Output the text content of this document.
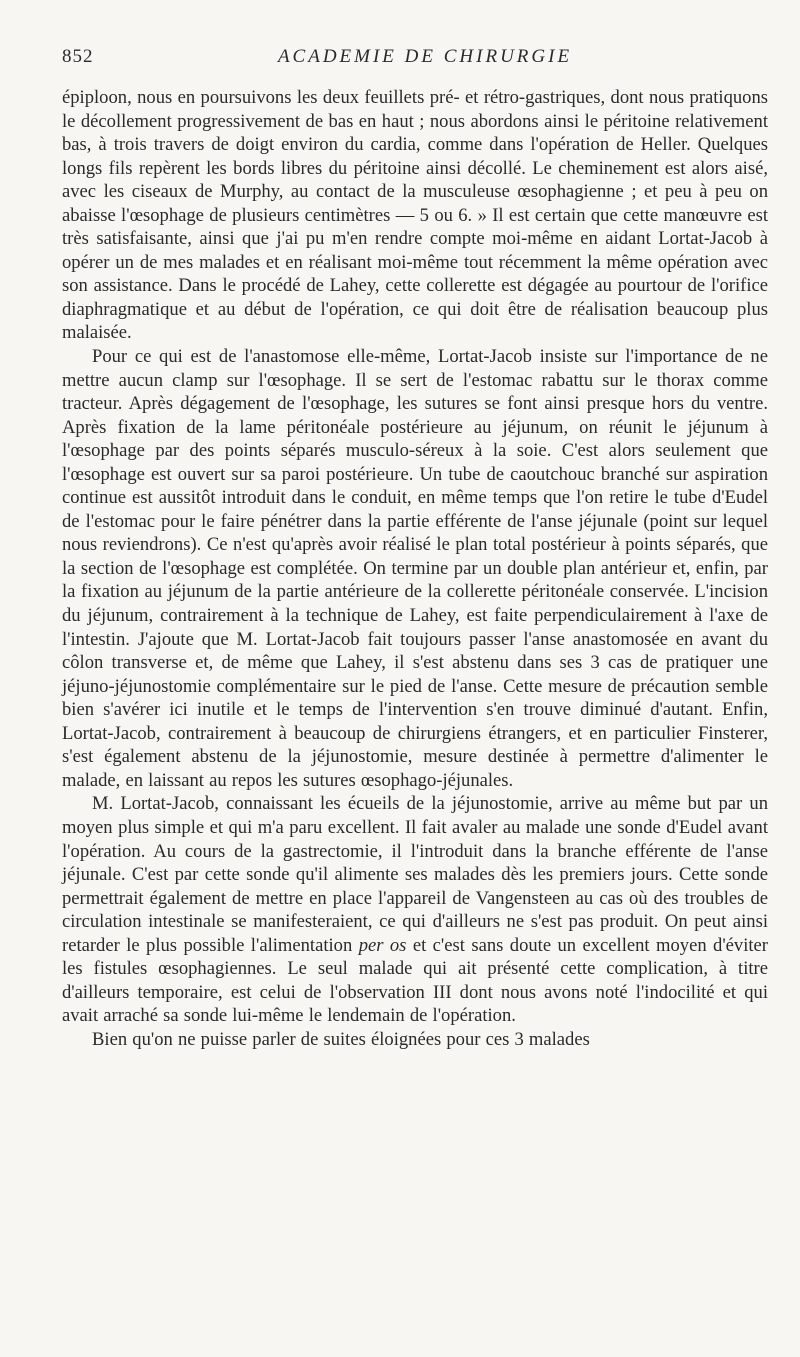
852	ACADEMIE DE CHIRURGIE

épiploon, nous en poursuivons les deux feuillets pré- et rétro-gastriques, dont nous pratiquons le décollement progressivement de bas en haut ; nous abordons ainsi le péritoine relativement bas, à trois travers de doigt environ du cardia, comme dans l'opération de Heller. Quelques longs fils repèrent les bords libres du péritoine ainsi décollé. Le cheminement est alors aisé, avec les ciseaux de Murphy, au contact de la musculeuse œsophagienne ; et peu à peu on abaisse l'œsophage de plusieurs centimètres — 5 ou 6. » Il est certain que cette manœuvre est très satisfaisante, ainsi que j'ai pu m'en rendre compte moi-même en aidant Lortat-Jacob à opérer un de mes malades et en réalisant moi-même tout récemment la même opération avec son assistance. Dans le procédé de Lahey, cette collerette est dégagée au pourtour de l'orifice diaphragmatique et au début de l'opération, ce qui doit être de réalisation beaucoup plus malaisée.

Pour ce qui est de l'anastomose elle-même, Lortat-Jacob insiste sur l'importance de ne mettre aucun clamp sur l'œsophage. Il se sert de l'estomac rabattu sur le thorax comme tracteur. Après dégagement de l'œsophage, les sutures se font ainsi presque hors du ventre. Après fixation de la lame péritonéale postérieure au jéjunum, on réunit le jéjunum à l'œsophage par des points séparés musculo-séreux à la soie. C'est alors seulement que l'œsophage est ouvert sur sa paroi postérieure. Un tube de caoutchouc branché sur aspiration continue est aussitôt introduit dans le conduit, en même temps que l'on retire le tube d'Eudel de l'estomac pour le faire pénétrer dans la partie efférente de l'anse jéjunale (point sur lequel nous reviendrons). Ce n'est qu'après avoir réalisé le plan total postérieur à points séparés, que la section de l'œsophage est complétée. On termine par un double plan antérieur et, enfin, par la fixation au jéjunum de la partie antérieure de la collerette péritonéale conservée. L'incision du jéjunum, contrairement à la technique de Lahey, est faite perpendiculairement à l'axe de l'intestin. J'ajoute que M. Lortat-Jacob fait toujours passer l'anse anastomosée en avant du côlon transverse et, de même que Lahey, il s'est abstenu dans ses 3 cas de pratiquer une jéjuno-jéjunostomie complémentaire sur le pied de l'anse. Cette mesure de précaution semble bien s'avérer ici inutile et le temps de l'intervention s'en trouve diminué d'autant. Enfin, Lortat-Jacob, contrairement à beaucoup de chirurgiens étrangers, et en particulier Finsterer, s'est également abstenu de la jéjunostomie, mesure destinée à permettre d'alimenter le malade, en laissant au repos les sutures œsophago-jéjunales.

M. Lortat-Jacob, connaissant les écueils de la jéjunostomie, arrive au même but par un moyen plus simple et qui m'a paru excellent. Il fait avaler au malade une sonde d'Eudel avant l'opération. Au cours de la gastrectomie, il l'introduit dans la branche efférente de l'anse jéjunale. C'est par cette sonde qu'il alimente ses malades dès les premiers jours. Cette sonde permettrait également de mettre en place l'appareil de Vangensteen au cas où des troubles de circulation intestinale se manifesteraient, ce qui d'ailleurs ne s'est pas produit. On peut ainsi retarder le plus possible l'alimentation per os et c'est sans doute un excellent moyen d'éviter les fistules œsophagiennes. Le seul malade qui ait présenté cette complication, à titre d'ailleurs temporaire, est celui de l'observation III dont nous avons noté l'indocilité et qui avait arraché sa sonde lui-même le lendemain de l'opération.

Bien qu'on ne puisse parler de suites éloignées pour ces 3 malades
